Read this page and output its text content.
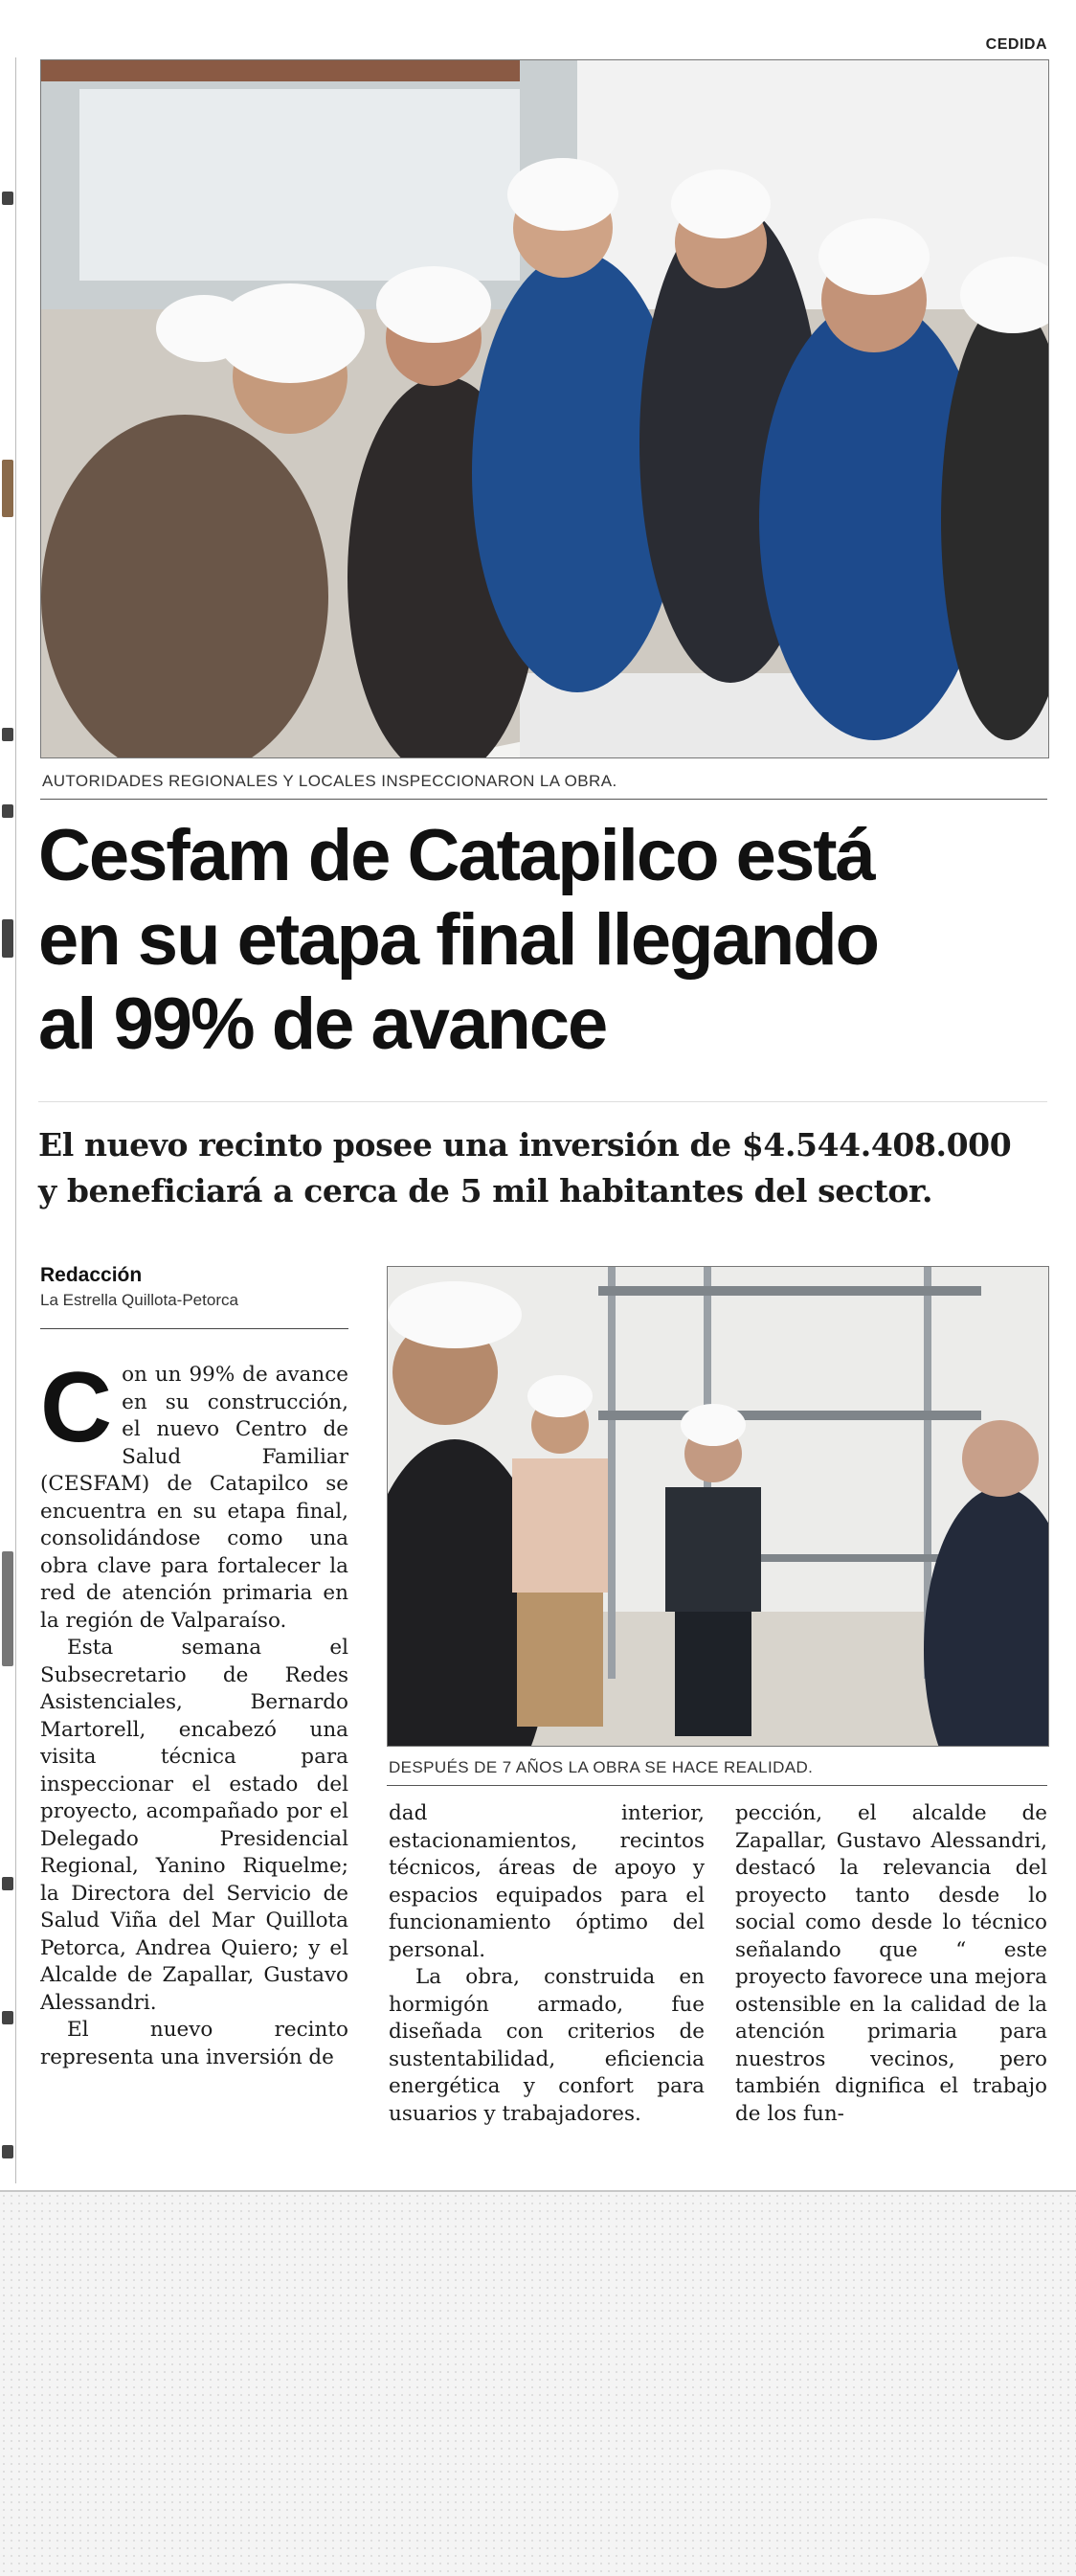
CEDIDA
AUTORIDADES REGIONALES Y LOCALES INSPECCIONARON LA OBRA.
Cesfam de Catapilco está
en su etapa final llegando
al 99% de avance
El nuevo recinto posee una inversión de $4.544.408.000
y beneficiará a cerca de 5 mil habitantes del sector.
Redacción
La Estrella Quillota-Petorca
DESPUÉS DE 7 AÑOS LA OBRA SE HACE REALIDAD.

Con un 99% de avance en su construcción, el nuevo Centro de Salud Familiar (CESFAM) de Catapilco se encuentra en su etapa final, consolidándose como una obra clave para fortalecer la red de atención primaria en la región de Valparaíso.

Esta semana el Subsecretario de Redes Asistenciales, Bernardo Martorell, encabezó una visita técnica para inspeccionar el estado del proyecto, acompañado por el Delegado Presidencial Regional, Yanino Riquelme; la Directora del Servicio de Salud Viña del Mar Quillota Petorca, Andrea Quiero; y el Alcalde de Zapallar, Gustavo Alessandri.

El nuevo recinto representa una inversión de

dad interior, estacionamientos, recintos técnicos, áreas de apoyo y espacios equipados para el funcionamiento óptimo del personal.

La obra, construida en hormigón armado, fue diseñada con criterios de sustentabilidad, eficiencia energética y confort para usuarios y trabajadores.

pección, el alcalde de Zapallar, Gustavo Alessandri, destacó la relevancia del proyecto tanto desde lo social como desde lo técnico señalando que “ este proyecto favorece una mejora ostensible en la calidad de la atención primaria para nuestros vecinos, pero también dignifica el trabajo de los fun-
